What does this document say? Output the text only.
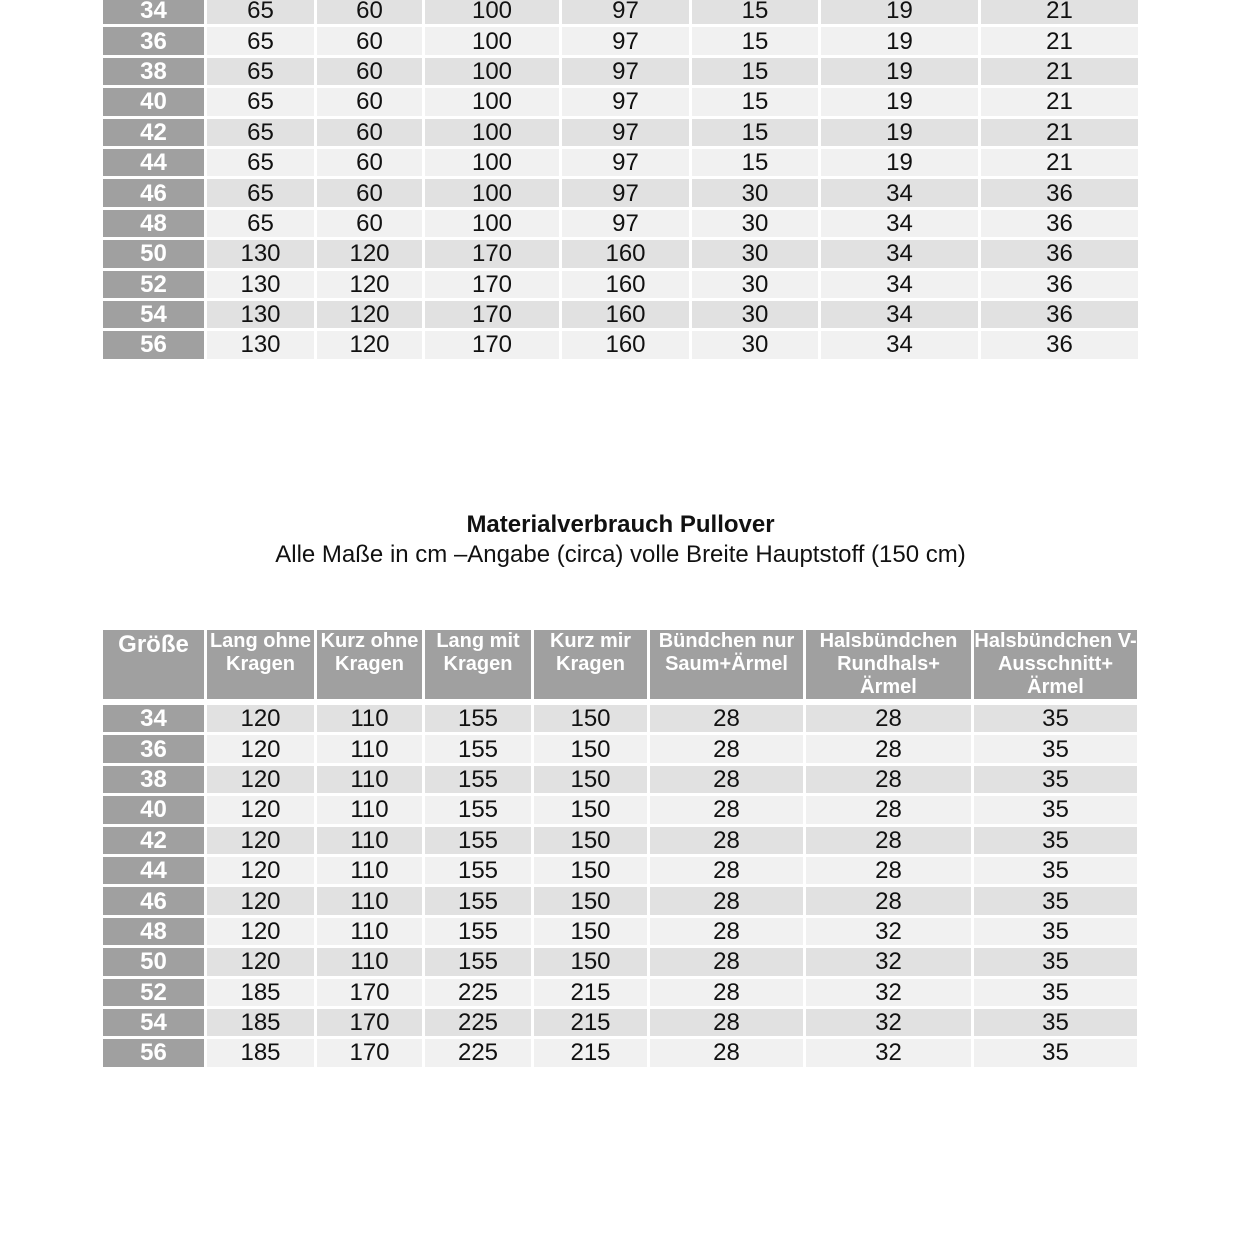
34	65	60	100	97	15	19	21
36	65	60	100	97	15	19	21
38	65	60	100	97	15	19	21
40	65	60	100	97	15	19	21
42	65	60	100	97	15	19	21
44	65	60	100	97	15	19	21
46	65	60	100	97	30	34	36
48	65	60	100	97	30	34	36
50	130	120	170	160	30	34	36
52	130	120	170	160	30	34	36
54	130	120	170	160	30	34	36
56	130	120	170	160	30	34	36
Materialverbrauch Pullover
Alle Maße in cm –Angabe (circa) volle Breite Hauptstoff (150 cm)
Größe	Lang ohne Kragen	Kurz ohne Kragen	Lang mit Kragen	Kurz mir Kragen	Bündchen nur Saum+Ärmel	Halsbündchen Rundhals+ Ärmel	Halsbündchen V-Ausschnitt+ Ärmel
34	120	110	155	150	28	28	35
36	120	110	155	150	28	28	35
38	120	110	155	150	28	28	35
40	120	110	155	150	28	28	35
42	120	110	155	150	28	28	35
44	120	110	155	150	28	28	35
46	120	110	155	150	28	28	35
48	120	110	155	150	28	32	35
50	120	110	155	150	28	32	35
52	185	170	225	215	28	32	35
54	185	170	225	215	28	32	35
56	185	170	225	215	28	32	35
